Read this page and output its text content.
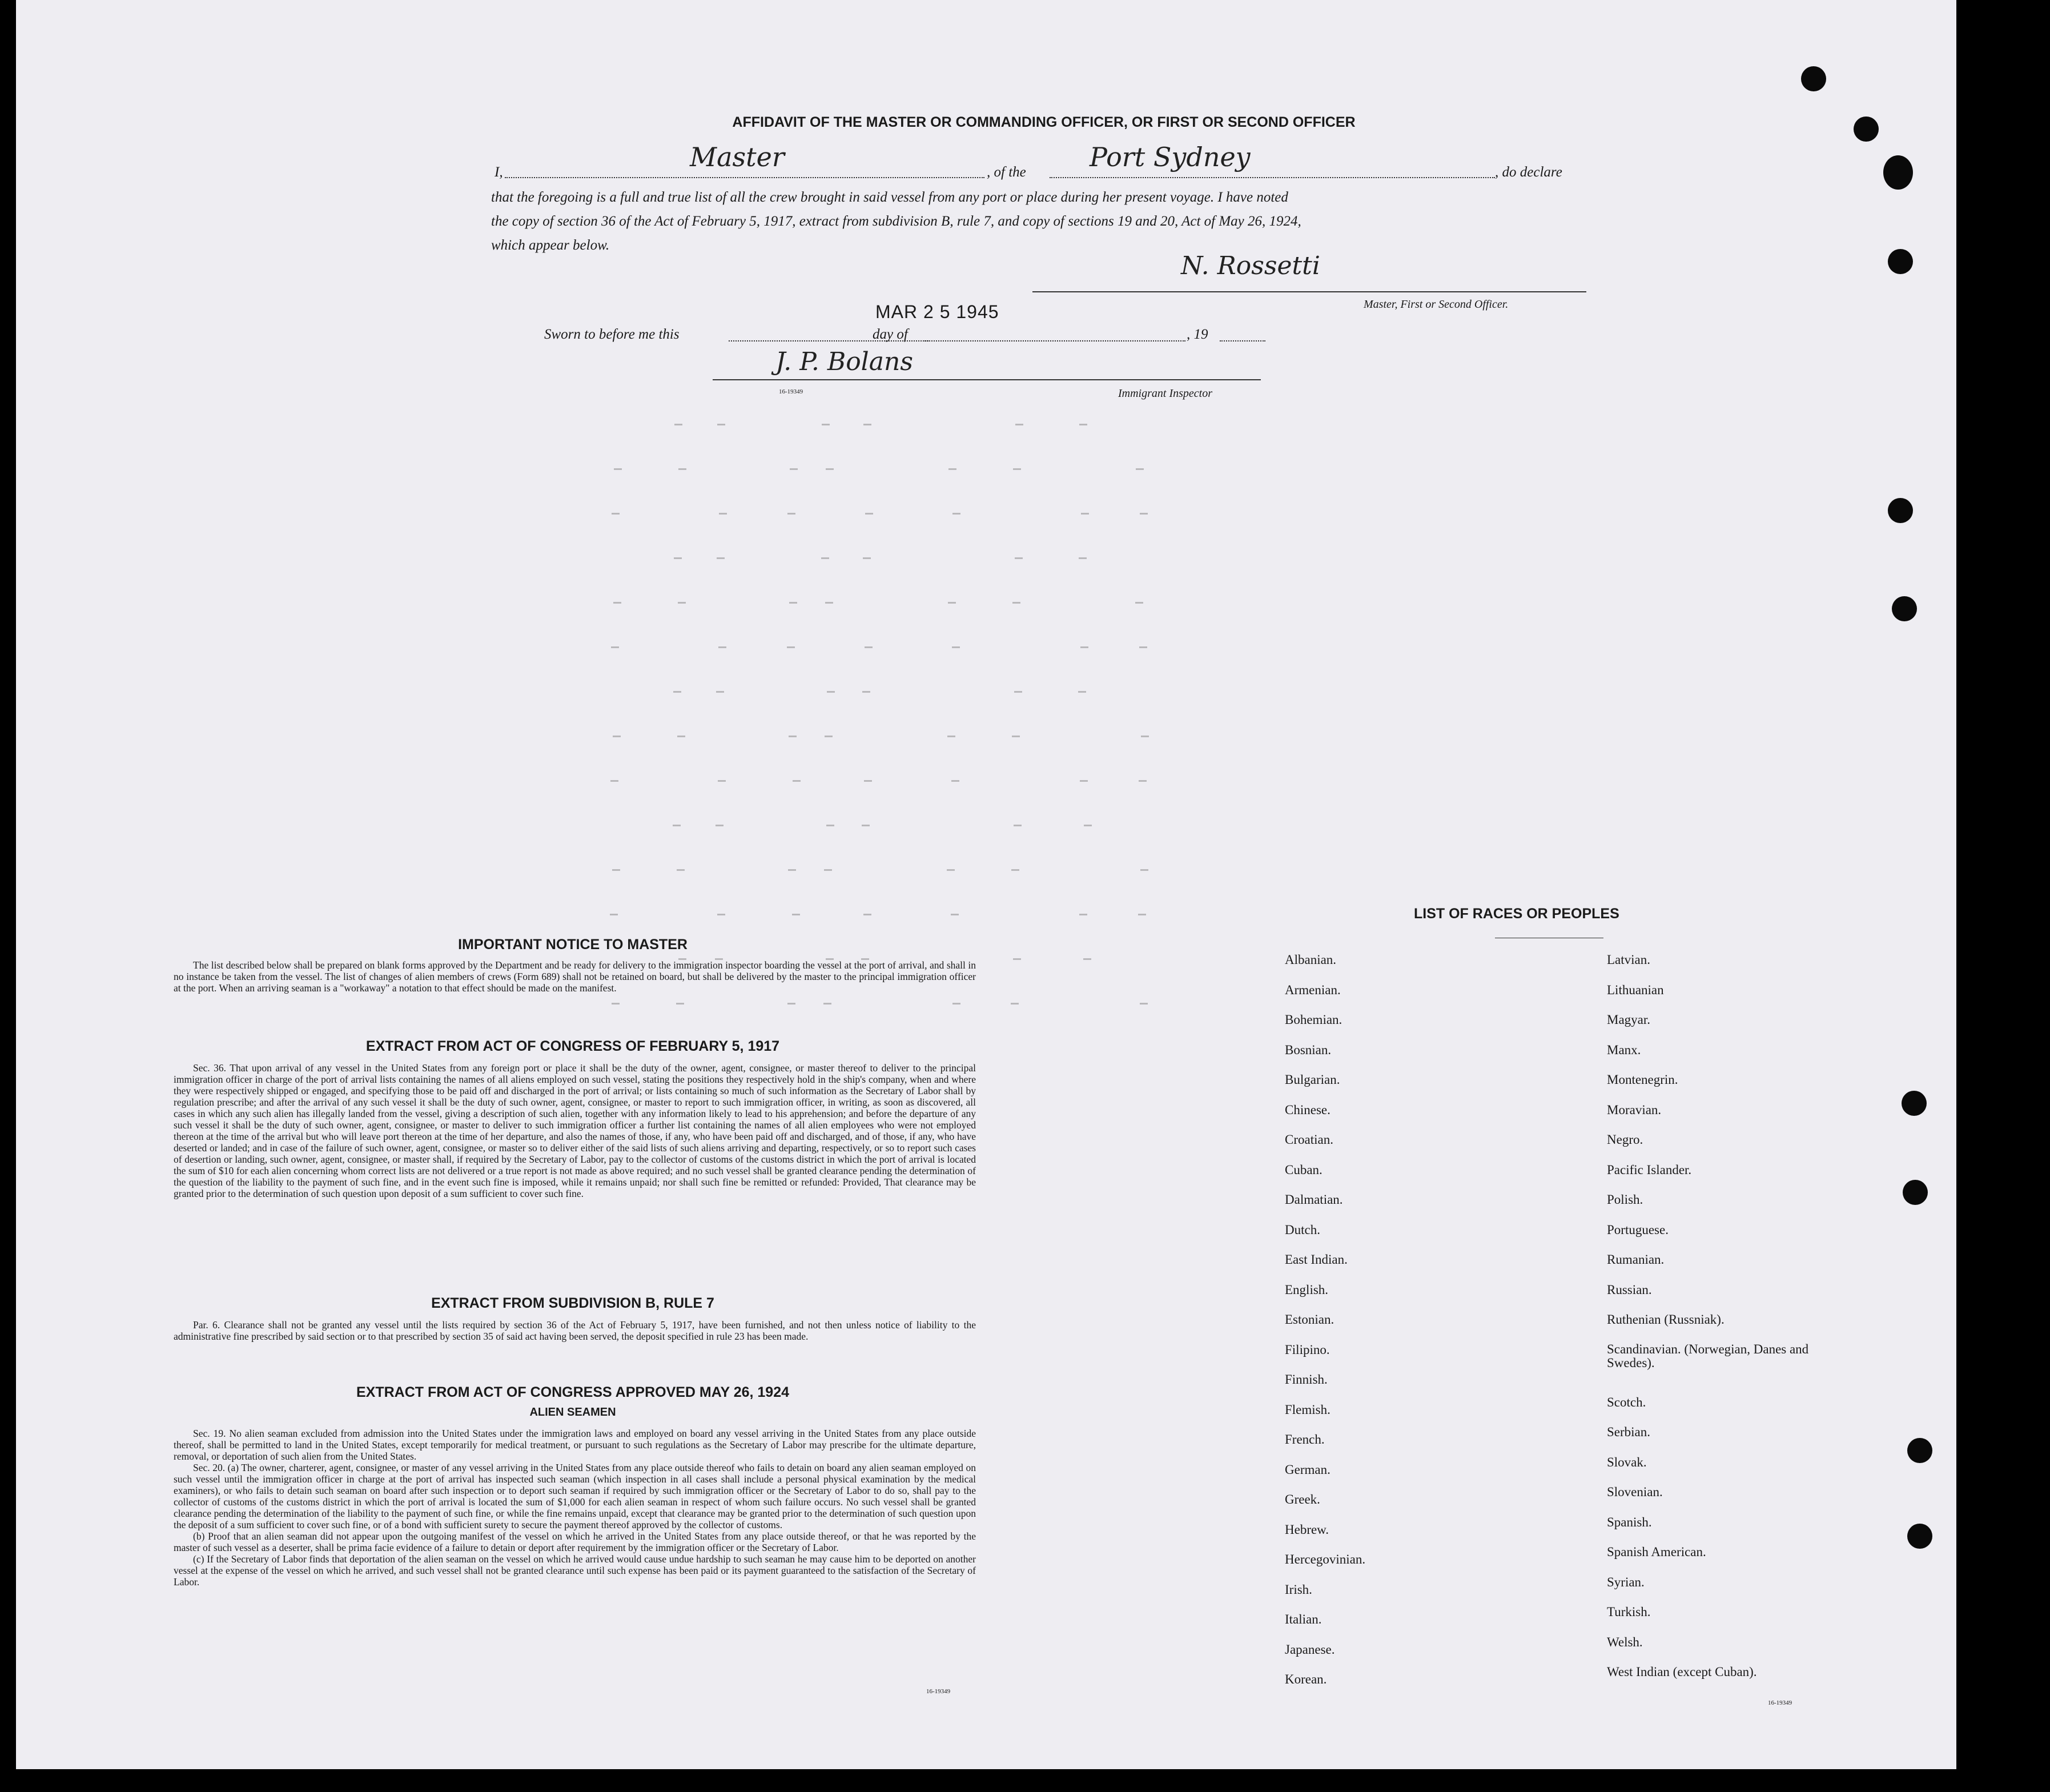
AFFIDAVIT OF THE MASTER OR COMMANDING OFFICER, OR FIRST OR SECOND OFFICER
I,	Master	, of the Port Sydney	, do declare
that the foregoing is a full and true list of all the crew brought in said vessel from any port or place during her present voyage. I have noted
the copy of section 36 of the Act of February 5, 1917, extract from subdivision B, rule 7, and copy of sections 19 and 20, Act of May 26, 1924,
which appear below.
N. Rossetti
Master, First or Second Officer.
MAR 2 5 1945
Sworn to before me this	day of	, 19
J. P. Bolans
16-19349	Immigrant Inspector
IMPORTANT NOTICE TO MASTER

The list described below shall be prepared on blank forms approved by the Department and be ready for delivery to the immigration inspector boarding the vessel at the port of arrival, and shall in no instance be taken from the vessel. The list of changes of alien members of crews (Form 689) shall not be retained on board, but shall be delivered by the master to the principal immigration officer at the port. When an arriving seaman is a "workaway" a notation to that effect should be made on the manifest.

EXTRACT FROM ACT OF CONGRESS OF FEBRUARY 5, 1917

Sec. 36. That upon arrival of any vessel in the United States from any foreign port or place it shall be the duty of the owner, agent, consignee, or master thereof to deliver to the principal immigration officer in charge of the port of arrival lists containing the names of all aliens employed on such vessel, stating the positions they respectively hold in the ship's company, when and where they were respectively shipped or engaged, and specifying those to be paid off and discharged in the port of arrival; or lists containing so much of such information as the Secretary of Labor shall by regulation prescribe; and after the arrival of any such vessel it shall be the duty of such owner, agent, consignee, or master to report to such immigration officer, in writing, as soon as discovered, all cases in which any such alien has illegally landed from the vessel, giving a description of such alien, together with any information likely to lead to his apprehension; and before the departure of any such vessel it shall be the duty of such owner, agent, consignee, or master to deliver to such immigration officer a further list containing the names of all alien employees who were not employed thereon at the time of the arrival but who will leave port thereon at the time of her departure, and also the names of those, if any, who have been paid off and discharged, and of those, if any, who have deserted or landed; and in case of the failure of such owner, agent, consignee, or master so to deliver either of the said lists of such aliens arriving and departing, respectively, or so to report such cases of desertion or landing, such owner, agent, consignee, or master shall, if required by the Secretary of Labor, pay to the collector of customs of the customs district in which the port of arrival is located the sum of $10 for each alien concerning whom correct lists are not delivered or a true report is not made as above required; and no such vessel shall be granted clearance pending the determination of the question of the liability to the payment of such fine, and in the event such fine is imposed, while it remains unpaid; nor shall such fine be remitted or refunded: Provided, That clearance may be granted prior to the determination of such question upon deposit of a sum sufficient to cover such fine.

EXTRACT FROM SUBDIVISION B, RULE 7

Par. 6. Clearance shall not be granted any vessel until the lists required by section 36 of the Act of February 5, 1917, have been furnished, and not then unless notice of liability to the administrative fine prescribed by said section or to that prescribed by section 35 of said act having been served, the deposit specified in rule 23 has been made.

EXTRACT FROM ACT OF CONGRESS APPROVED MAY 26, 1924
ALIEN SEAMEN

Sec. 19. No alien seaman excluded from admission into the United States under the immigration laws and employed on board any vessel arriving in the United States from any place outside thereof, shall be permitted to land in the United States, except temporarily for medical treatment, or pursuant to such regulations as the Secretary of Labor may prescribe for the ultimate departure, removal, or deportation of such alien from the United States.

Sec. 20. (a) The owner, charterer, agent, consignee, or master of any vessel arriving in the United States from any place outside thereof who fails to detain on board any alien seaman employed on such vessel until the immigration officer in charge at the port of arrival has inspected such seaman (which inspection in all cases shall include a personal physical examination by the medical examiners), or who fails to detain such seaman on board after such inspection or to deport such seaman if required by such immigration officer or the Secretary of Labor to do so, shall pay to the collector of customs of the customs district in which the port of arrival is located the sum of $1,000 for each alien seaman in respect of whom such failure occurs. No such vessel shall be granted clearance pending the determination of the liability to the payment of such fine, or while the fine remains unpaid, except that clearance may be granted prior to the determination of such question upon the deposit of a sum sufficient to cover such fine, or of a bond with sufficient surety to secure the payment thereof approved by the collector of customs.

(b) Proof that an alien seaman did not appear upon the outgoing manifest of the vessel on which he arrived in the United States from any place outside thereof, or that he was reported by the master of such vessel as a deserter, shall be prima facie evidence of a failure to detain or deport after requirement by the immigration officer or the Secretary of Labor.

(c) If the Secretary of Labor finds that deportation of the alien seaman on the vessel on which he arrived would cause undue hardship to such seaman he may cause him to be deported on another vessel at the expense of the vessel on which he arrived, and such vessel shall not be granted clearance until such expense has been paid or its payment guaranteed to the satisfaction of the Secretary of Labor.

16-19349
LIST OF RACES OR PEOPLES
Albanian.
Armenian.
Bohemian.
Bosnian.
Bulgarian.
Chinese.
Croatian.
Cuban.
Dalmatian.
Dutch.
East Indian.
English.
Estonian.
Filipino.
Finnish.
Flemish.
French.
German.
Greek.
Hebrew.
Hercegovinian.
Irish.
Italian.
Japanese.
Korean.
Latvian.
Lithuanian
Magyar.
Manx.
Montenegrin.
Moravian.
Negro.
Pacific Islander.
Polish.
Portuguese.
Rumanian.
Russian.
Ruthenian (Russniak).
Scandinavian. (Norwegian, Danes and Swedes).
Scotch.
Serbian.
Slovak.
Slovenian.
Spanish.
Spanish American.
Syrian.
Turkish.
Welsh.
West Indian (except Cuban).
16-19349
